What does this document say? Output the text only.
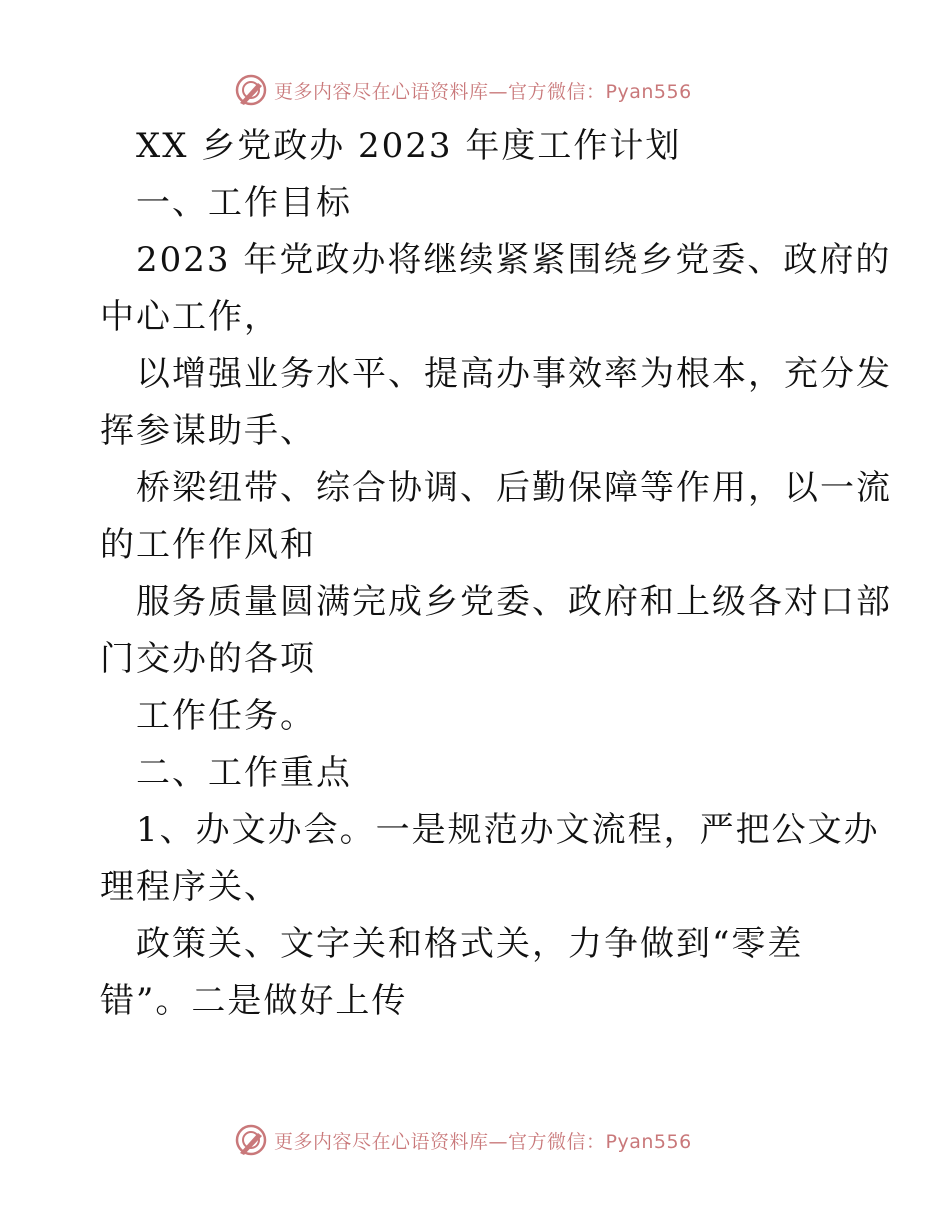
更多内容尽在心语资料库—官方微信：Pyan556
XX 乡党政办 2023 年度工作计划
一、工作目标
2023 年党政办将继续紧紧围绕乡党委、政府的
中心工作，
以增强业务水平、提高办事效率为根本，充分发
挥参谋助手、
桥梁纽带、综合协调、后勤保障等作用，以一流
的工作作风和
服务质量圆满完成乡党委、政府和上级各对口部
门交办的各项
工作任务。
二、工作重点
1、办文办会。一是规范办文流程，严把公文办
理程序关、
政策关、文字关和格式关，力争做到“零差
错”。二是做好上传
更多内容尽在心语资料库—官方微信：Pyan556
